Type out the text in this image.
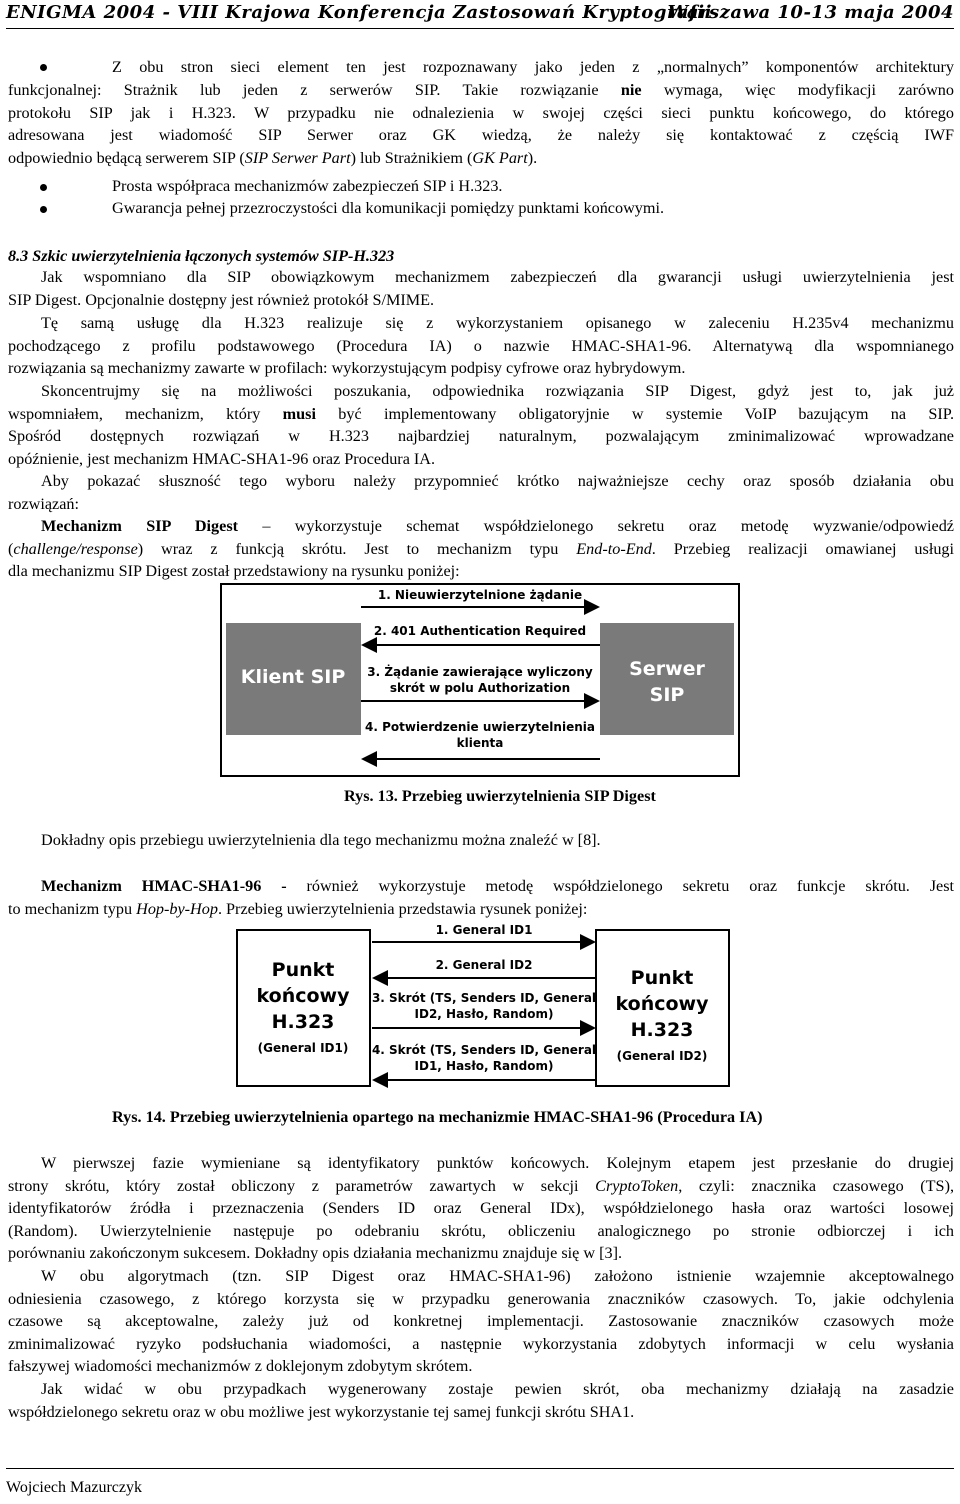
ENIGMA 2004 - VIII Krajowa Konferencja Zastosowań Kryptografii
Warszawa 10-13 maja 2004
Z obu stron sieci element ten jest rozpoznawany jako jeden z „normalnych” komponentów architektury
funkcjonalnej: Strażnik lub jeden z serwerów SIP. Takie rozwiązanie nie wymaga, więc modyfikacji zarówno
protokołu SIP jak i H.323. W przypadku nie odnalezienia w swojej części sieci punktu końcowego, do którego
adresowana jest wiadomość SIP Serwer oraz GK wiedzą, że należy się kontaktować z częścią IWF
odpowiednio będącą serwerem SIP (SIP Serwer Part) lub Strażnikiem (GK Part).
Prosta współpraca mechanizmów zabezpieczeń SIP i H.323.
Gwarancja pełnej przezroczystości dla komunikacji pomiędzy punktami końcowymi.
8.3 Szkic uwierzytelnienia łączonych systemów SIP-H.323
Jak wspomniano dla SIP obowiązkowym mechanizmem zabezpieczeń dla gwarancji usługi uwierzytelnienia jest
SIP Digest. Opcjonalnie dostępny jest również protokół S/MIME.
Tę samą usługę dla H.323 realizuje się z wykorzystaniem opisanego w zaleceniu H.235v4 mechanizmu
pochodzącego z profilu podstawowego (Procedura IA) o nazwie HMAC-SHA1-96. Alternatywą dla wspomnianego
rozwiązania są mechanizmy zawarte w profilach: wykorzystującym podpisy cyfrowe oraz hybrydowym.
Skoncentrujmy się na możliwości poszukania, odpowiednika rozwiązania SIP Digest, gdyż jest to, jak już
wspomniałem, mechanizm, który musi być implementowany obligatoryjnie w systemie VoIP bazującym na SIP.
Spośród dostępnych rozwiązań w H.323 najbardziej naturalnym, pozwalającym zminimalizować wprowadzane
opóźnienie, jest mechanizm HMAC-SHA1-96 oraz Procedura IA.
Aby pokazać słuszność tego wyboru należy przypomnieć krótko najważniejsze cechy oraz sposób działania obu
rozwiązań:
Mechanizm SIP Digest – wykorzystuje schemat współdzielonego sekretu oraz metodę wyzwanie/odpowiedź
(challenge/response) wraz z funkcją skrótu. Jest to mechanizm typu End-to-End. Przebieg realizacji omawianej usługi
dla mechanizmu SIP Digest został przedstawiony na rysunku poniżej:
Klient SIP	Serwer
SIP
1. Nieuwierzytelnione żądanie
2. 401 Authentication Required
3. Żądanie zawierające wyliczony
skrót w polu Authorization
4. Potwierdzenie uwierzytelnienia
klienta
Rys. 13. Przebieg uwierzytelnienia SIP Digest
Dokładny opis przebiegu uwierzytelnienia dla tego mechanizmu można znaleźć w [8].
Mechanizm HMAC-SHA1-96 - również wykorzystuje metodę współdzielonego sekretu oraz funkcje skrótu. Jest
to mechanizm typu Hop-by-Hop. Przebieg uwierzytelnienia przedstawia rysunek poniżej:
Punkt
końcowy
H.323
(General ID1)
Punkt
końcowy
H.323
(General ID2)
1. General ID1
2. General ID2
3. Skrót (TS, Senders ID, General
ID2, Hasło, Random)
4. Skrót (TS, Senders ID, General
ID1, Hasło, Random)
Rys. 14. Przebieg uwierzytelnienia opartego na mechanizmie HMAC-SHA1-96 (Procedura IA)
W pierwszej fazie wymieniane są identyfikatory punktów końcowych. Kolejnym etapem jest przesłanie do drugiej
strony skrótu, który został obliczony z parametrów zawartych w sekcji CryptoToken, czyli: znacznika czasowego (TS),
identyfikatorów źródła i przeznaczenia (Senders ID oraz General IDx), współdzielonego hasła oraz wartości losowej
(Random). Uwierzytelnienie następuje po odebraniu skrótu, obliczeniu analogicznego po stronie odbiorczej i ich
porównaniu zakończonym sukcesem. Dokładny opis działania mechanizmu znajduje się w [3].
W obu algorytmach (tzn. SIP Digest oraz HMAC-SHA1-96) założono istnienie wzajemnie akceptowalnego
odniesienia czasowego, z którego korzysta się w przypadku generowania znaczników czasowych. To, jakie odchylenia
czasowe są akceptowalne, zależy już od konkretnej implementacji. Zastosowanie znaczników czasowych może
zminimalizować ryzyko podsłuchania wiadomości, a następnie wykorzystania zdobytych informacji w celu wysłania
fałszywej wiadomości mechanizmów z doklejonym zdobytym skrótem.
Jak widać w obu przypadkach wygenerowany zostaje pewien skrót, oba mechanizmy działają na zasadzie
współdzielonego sekretu oraz w obu możliwe jest wykorzystanie tej samej funkcji skrótu SHA1.
Wojciech Mazurczyk
